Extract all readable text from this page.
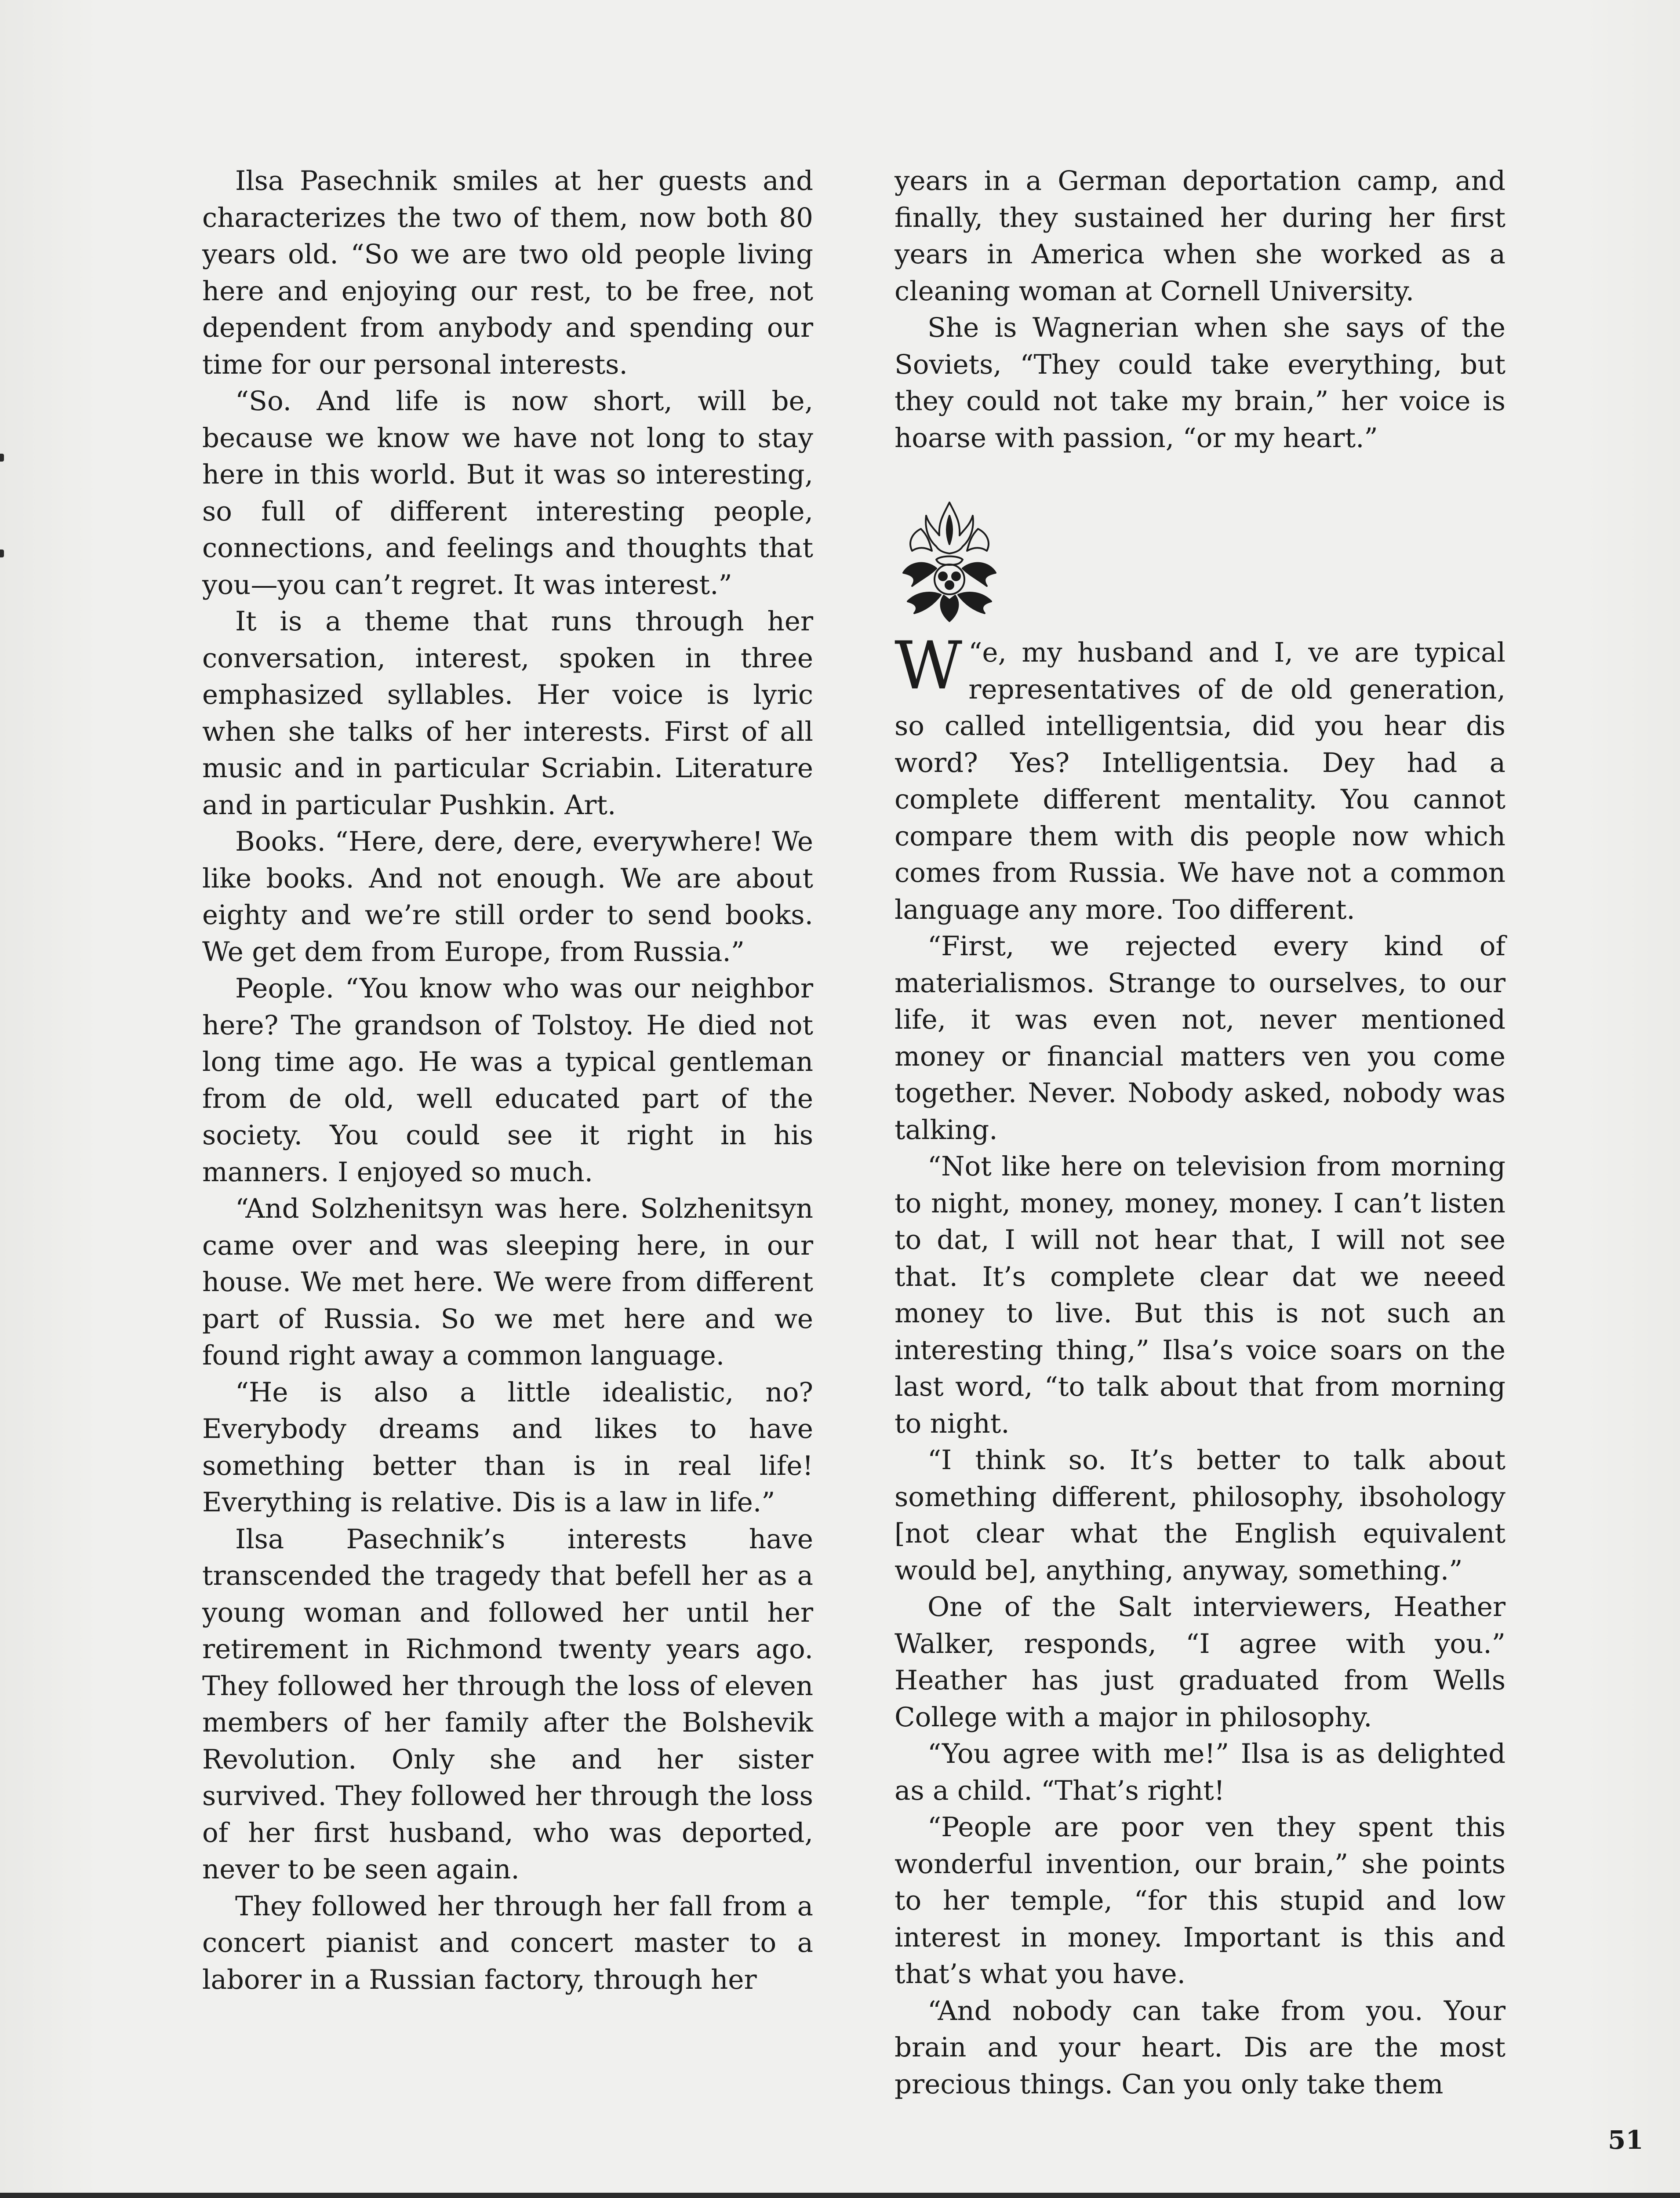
Ilsa Pasechnik smiles at her guests and characterizes the two of them, now both 80 years old. “So we are two old people living here and enjoying our rest, to be free, not dependent from anybody and spending our time for our personal interests.

“So. And life is now short, will be, because we know we have not long to stay here in this world. But it was so interesting, so full of different interesting people, connections, and feelings and thoughts that you—you can’t regret. It was interest.”

It is a theme that runs through her conversation, interest, spoken in three emphasized syllables. Her voice is lyric when she talks of her interests. First of all music and in particular Scriabin. Literature and in particular Pushkin. Art.

Books. “Here, dere, dere, everywhere! We like books. And not enough. We are about eighty and we’re still order to send books. We get dem from Europe, from Russia.”

People. “You know who was our neighbor here? The grandson of Tolstoy. He died not long time ago. He was a typical gentleman from de old, well educated part of the society. You could see it right in his manners. I enjoyed so much.

“And Solzhenitsyn was here. Solzhenitsyn came over and was sleeping here, in our house. We met here. We were from different part of Russia. So we met here and we found right away a common language.

“He is also a little idealistic, no? Everybody dreams and likes to have something better than is in real life! Everything is relative. Dis is a law in life.”

Ilsa Pasechnik’s interests have transcended the tragedy that befell her as a young woman and followed her until her retirement in Richmond twenty years ago. They followed her through the loss of eleven members of her family after the Bolshevik Revolution. Only she and her sister survived. They followed her through the loss of her first husband, who was deported, never to be seen again.

They followed her through her fall from a concert pianist and concert master to a laborer in a Russian factory, through her

years in a German deportation camp, and finally, they sustained her during her first years in America when she worked as a cleaning woman at Cornell University.

She is Wagnerian when she says of the Soviets, “They could take everything, but they could not take my brain,” her voice is hoarse with passion, “or my heart.”

“
W e, my husband and I, ve are typical representatives of de old generation, so called intelligentsia, did you hear dis word? Yes? Intelligentsia. Dey had a complete different mentality. You cannot compare them with dis people now which comes from Russia. We have not a common language any more. Too different.

“First, we rejected every kind of materialismos. Strange to ourselves, to our life, it was even not, never mentioned money or financial matters ven you come together. Never. Nobody asked, nobody was talking.

“Not like here on television from morning to night, money, money, money. I can’t listen to dat, I will not hear that, I will not see that. It’s complete clear dat we neeed money to live. But this is not such an interesting thing,” Ilsa’s voice soars on the last word, “to talk about that from morning to night.

“I think so. It’s better to talk about something different, philosophy, ibsohology [not clear what the English equivalent would be], anything, anyway, something.”

One of the Salt interviewers, Heather Walker, responds, “I agree with you.” Heather has just graduated from Wells College with a major in philosophy.

“You agree with me!” Ilsa is as delighted as a child. “That’s right!

“People are poor ven they spent this wonderful invention, our brain,” she points to her temple, “for this stupid and low interest in money. Important is this and that’s what you have.

“And nobody can take from you. Your brain and your heart. Dis are the most precious things. Can you only take them

51
